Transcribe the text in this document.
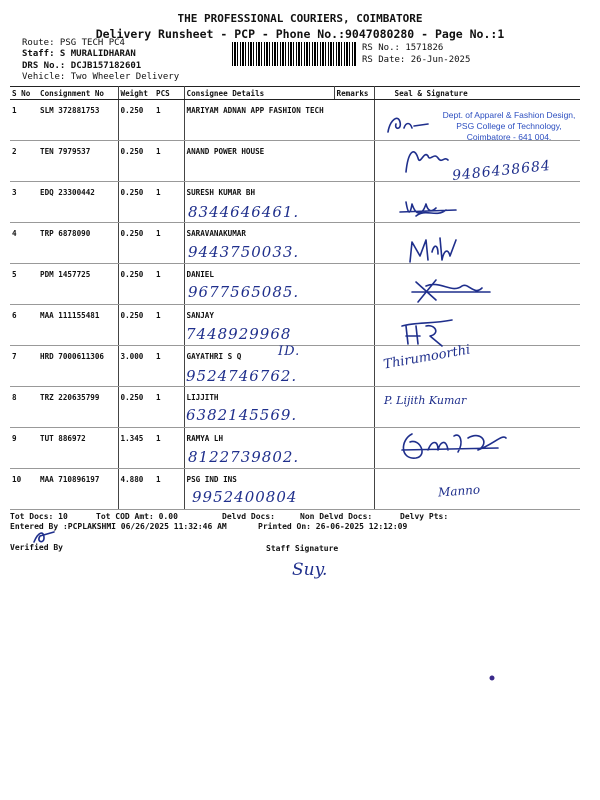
THE PROFESSIONAL COURIERS, COIMBATORE
Delivery Runsheet - PCP - Phone No.:9047080280 - Page No.:1
Route: PSG TECH PC4
Staff: S MURALIDHARAN
DRS No.: DCJB157182601
Vehicle: Two Wheeler Delivery
RS No.: 1571826
RS Date: 26-Jun-2025
S No	Consignment No	Weight	PCS	Consignee Details	Remarks	Seal & Signature
1	SLM 372881753	0.250	1	MARIYAM ADNAN APP FASHION TECH		
2	TEN 7979537	0.250	1	ANAND POWER HOUSE		
3	EDQ 23300442	0.250	1	SURESH KUMAR BH		
4	TRP 6878090	0.250	1	SARAVANAKUMAR		
5	PDM 1457725	0.250	1	DANIEL		
6	MAA 111155481	0.250	1	SANJAY		
7	HRD 7000611306	3.000	1	GAYATHRI S Q		
8	TRZ 220635799	0.250	1	LIJJITH		
9	TUT 886972	1.345	1	RAMYA LH		
10	MAA 710896197	4.880	1	PSG IND INS		
8344646461.
9443750033.
9677565085.
7448929968
9524746762.
6382145569.
8122739802.
9952400804
ID.
Dept. of Apparel & Fashion Design,
PSG College of Technology,
Coimbatore - 641 004.
9486438684
Thirumoorthi
P. Lijith Kumar
Manno
Tot Docs: 10	Tot COD Amt: 0.00	Delvd Docs:	Non Delvd Docs:	Delvy Pts:
Entered By :PCPLAKSHMI 06/26/2025 11:32:46 AM	Printed On: 26-06-2025 12:12:09
Verified By	Staff Signature
Suy.
